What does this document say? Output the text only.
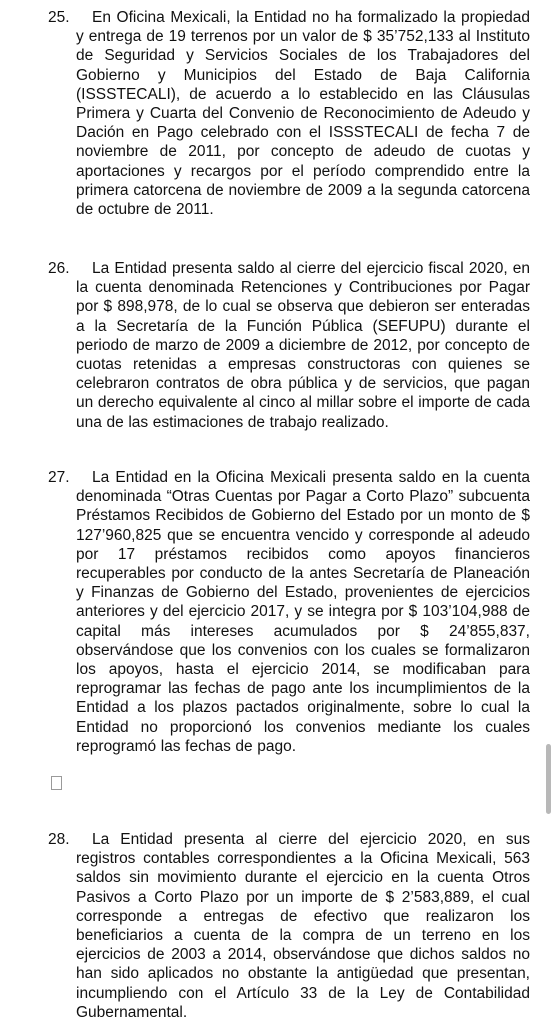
25.	En Oficina Mexicali, la Entidad no ha formalizado la propiedad y entrega de 19 terrenos por un valor de $ 35’752,133 al Instituto de Seguridad y Servicios Sociales de los Trabajadores del Gobierno y Municipios del Estado de Baja California (ISSSTECALI), de acuerdo a lo establecido en las Cláusulas Primera y Cuarta del Convenio de Reconocimiento de Adeudo y Dación en Pago celebrado con el ISSSTECALI de fecha 7 de noviembre de 2011, por concepto de adeudo de cuotas y aportaciones y recargos por el período comprendido entre la primera catorcena de noviembre de 2009 a la segunda catorcena de octubre de 2011.
26.	La Entidad presenta saldo al cierre del ejercicio fiscal 2020, en la cuenta denominada Retenciones y Contribuciones por Pagar por $ 898,978, de lo cual se observa que debieron ser enteradas a la Secretaría de la Función Pública (SEFUPU) durante el periodo de marzo de 2009 a diciembre de 2012, por concepto de cuotas retenidas a empresas constructoras con quienes se celebraron contratos de obra pública y de servicios, que pagan un derecho equivalente al cinco al millar sobre el importe de cada una de las estimaciones de trabajo realizado.
27.	La Entidad en la Oficina Mexicali presenta saldo en la cuenta denominada “Otras Cuentas por Pagar a Corto Plazo” subcuenta Préstamos Recibidos de Gobierno del Estado por un monto de $ 127’960,825 que se encuentra vencido y corresponde al adeudo por 17 préstamos recibidos como apoyos financieros recuperables por conducto de la antes Secretaría de Planeación y Finanzas de Gobierno del Estado, provenientes de ejercicios anteriores y del ejercicio 2017, y se integra por $ 103’104,988 de capital más intereses acumulados por $ 24’855,837, observándose que los convenios con los cuales se formalizaron los apoyos, hasta el ejercicio 2014, se modificaban para reprogramar las fechas de pago ante los incumplimientos de la Entidad a los plazos pactados originalmente, sobre lo cual la Entidad no proporcionó los convenios mediante los cuales reprogramó las fechas de pago.
28.	La Entidad presenta al cierre del ejercicio 2020, en sus registros contables correspondientes a la Oficina Mexicali, 563 saldos sin movimiento durante el ejercicio en la cuenta Otros Pasivos a Corto Plazo por un importe de $ 2’583,889, el cual corresponde a entregas de efectivo que realizaron los beneficiarios a cuenta de la compra de un terreno en los ejercicios de 2003 a 2014, observándose que dichos saldos no han sido aplicados no obstante la antigüedad que presentan, incumpliendo con el Artículo 33 de la Ley de Contabilidad Gubernamental.
